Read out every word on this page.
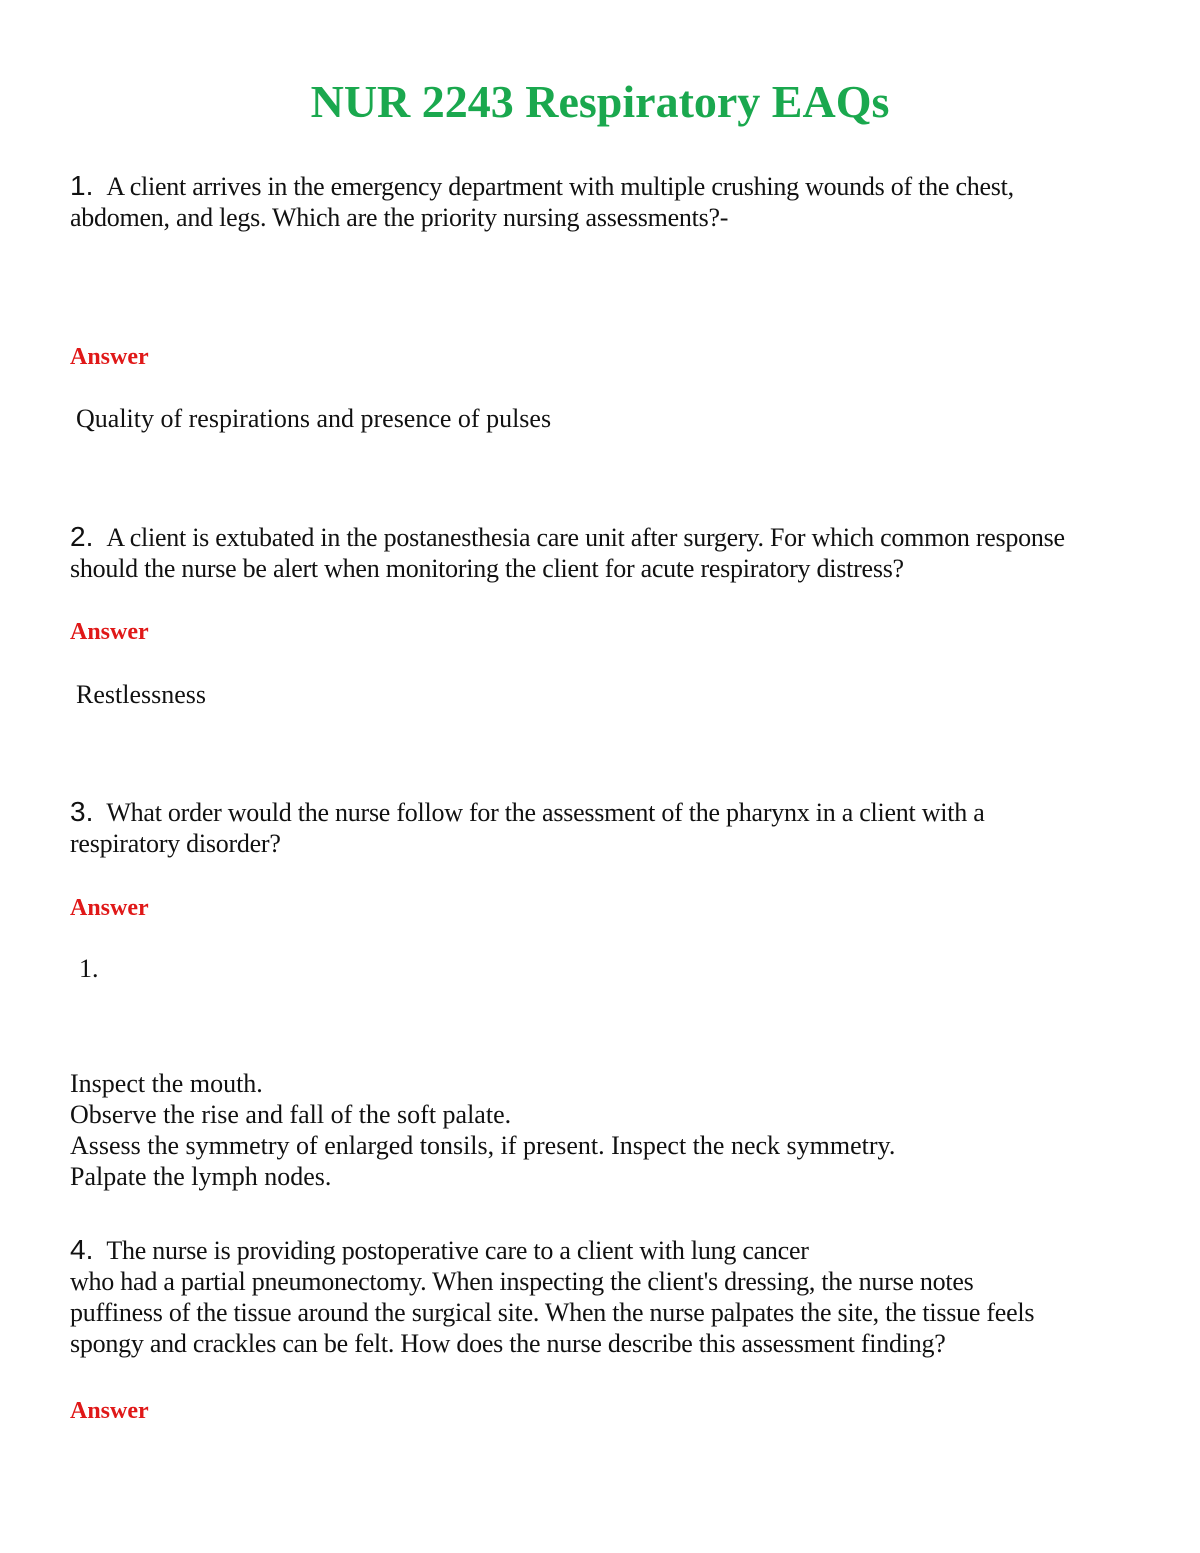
NUR 2243 Respiratory EAQs
1. A client arrives in the emergency department with multiple crushing wounds of the chest,
abdomen, and legs. Which are the priority nursing assessments?-
Answer
Quality of respirations and presence of pulses
2. A client is extubated in the postanesthesia care unit after surgery. For which common response
should the nurse be alert when monitoring the client for acute respiratory distress?
Answer
Restlessness
3. What order would the nurse follow for the assessment of the pharynx in a client with a
respiratory disorder?
Answer
1.
Inspect the mouth.
Observe the rise and fall of the soft palate.
Assess the symmetry of enlarged tonsils, if present. Inspect the neck symmetry.
Palpate the lymph nodes.
4. The nurse is providing postoperative care to a client with lung cancer
who had a partial pneumonectomy. When inspecting the client's dressing, the nurse notes
puffiness of the tissue around the surgical site. When the nurse palpates the site, the tissue feels
spongy and crackles can be felt. How does the nurse describe this assessment finding?
Answer
